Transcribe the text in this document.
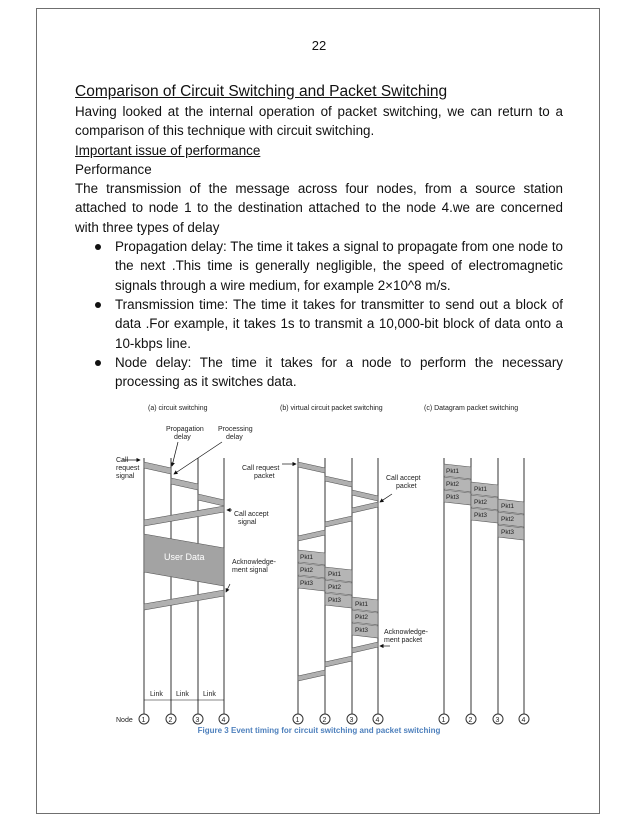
22

Comparison of Circuit Switching and Packet Switching

Having looked at the internal operation of packet switching, we can return to a comparison of this technique with circuit switching.

Important issue of performance

Performance

The transmission of the message across four nodes, from a source station attached to node 1 to the destination attached to the node 4.we are concerned with three types of delay

Propagation delay: The time it takes a signal to propagate from one node to the next .This time is generally negligible, the speed of electromagnetic signals through a wire medium, for example 2×10^8 m/s.
Transmission time: The time it takes for transmitter to send out a block of data .For example, it takes 1s to transmit a 10,000-bit block of data onto a 10-kbps line.
Node delay: The time it takes for a node to perform the necessary processing as it switches data.
(a) circuit switching	(b) virtual circuit packet switching	(c) Datagram packet switching
User Data
Propagation delay
Processing delay
Call request signal
Call accept signal
Acknowledge- ment signal
Link Link Link
Node 1	2	3	4
Pkt1
Pkt2
Pkt3
Pkt1
Pkt2
Pkt3
Pkt1
Pkt2
Pkt3
Call request packet	Call accept packet
Acknowledge- ment packet
1	2	3	4
Pkt1
Pkt2
Pkt3
Pkt1
Pkt2
Pkt3
Pkt1
Pkt2
Pkt3
1	2	3	4
Figure 3 Event timing for circuit switching and packet switching
